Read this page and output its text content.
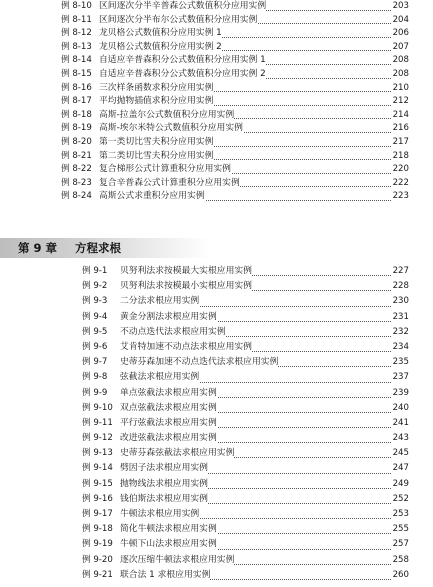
例 8-10 区间逐次分半辛普森公式数值积分应用实例	203
例 8-11 区间逐次分半布尔公式数值积分应用实例	204
例 8-12 龙贝格公式数值积分应用实例 1	206
例 8-13 龙贝格公式数值积分应用实例 2	207
例 8-14 自适应辛普森积分公式数值积分应用实例 1	208
例 8-15 自适应辛普森积分公式数值积分应用实例 2	208
例 8-16 三次样条函数求积分应用实例	210
例 8-17 平均抛物插值求积分应用实例	212
例 8-18 高斯-拉盖尔公式数值积分应用实例	214
例 8-19 高斯-埃尔米特公式数值积分应用实例	216
例 8-20 第一类切比雪夫积分应用实例	217
例 8-21 第二类切比雪夫积分应用实例	218
例 8-22 复合梯形公式计算重积分应用实例	220
例 8-23 复合辛普森公式计算重积分应用实例	222
例 8-24 高斯公式求重积分应用实例	223
第 9 章 方程求根
例 9-1 贝努利法求按模最大实根应用实例	227
例 9-2 贝努利法求按模最小实根应用实例	228
例 9-3 二分法求根应用实例	230
例 9-4 黄金分割法求根应用实例	231
例 9-5 不动点迭代法求根应用实例	232
例 9-6 艾肯特加速不动点法求根应用实例	234
例 9-7 史蒂芬森加速不动点迭代法求根应用实例	235
例 9-8 弦截法求根应用实例	237
例 9-9 单点弦截法求根应用实例	239
例 9-10 双点弦截法求根应用实例	240
例 9-11 平行弦截法求根应用实例	241
例 9-12 改进弦截法求根应用实例	243
例 9-13 史蒂芬森弦截法求根应用实例	245
例 9-14 劈因子法求根应用实例	247
例 9-15 抛物线法求根应用实例	249
例 9-16 钱伯斯法求根应用实例	252
例 9-17 牛顿法求根应用实例	253
例 9-18 简化牛顿法求根应用实例	255
例 9-19 牛顿下山法求根应用实例	257
例 9-20 逐次压缩牛顿法求根应用实例	258
例 9-21 联合法 1 求根应用实例	260
